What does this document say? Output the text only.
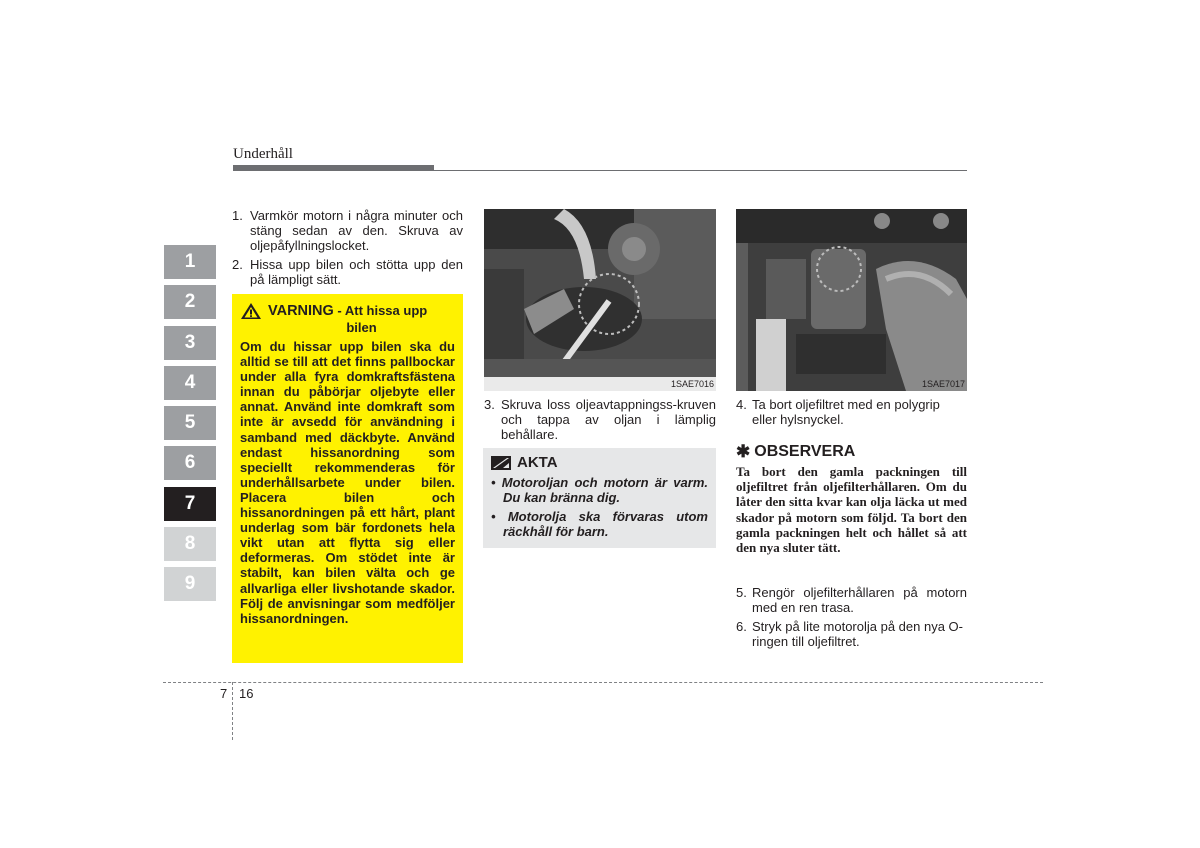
Underhåll
1
2
3
4
5
6
7
8
9
1. Varmkör motorn i några minuter och stäng sedan av den. Skruva av oljepåfyllningslocket.
2. Hissa upp bilen och stötta upp den på lämpligt sätt.
VARNING - Att hissa upp
bilen
Om du hissar upp bilen ska du alltid se till att det finns pallbockar under alla fyra domkraftsfästena innan du påbörjar oljebyte eller annat. Använd inte domkraft som inte är avsedd för användning i samband med däckbyte. Använd endast hissanordning som speciellt rekommenderas för underhållsarbete under bilen. Placera bilen och hissanordningen på ett hårt, plant underlag som bär fordonets hela vikt utan att flytta sig eller deformeras. Om stödet inte är stabilt, kan bilen välta och ge allvarliga eller livshotande skador. Följ de anvisningar som medföljer hissanordningen.
1SAE7016
3. Skruva loss oljeavtappningss-kruven och tappa av oljan i lämplig behållare.
AKTA
• Motoroljan och motorn är varm. Du kan bränna dig.
• Motorolja ska förvaras utom räckhåll för barn.
1SAE7017
4. Ta bort oljefiltret med en polygrip eller hylsnyckel.
✱ OBSERVERA
Ta bort den gamla packningen till oljefiltret från oljefilterhållaren. Om du låter den sitta kvar kan olja läcka ut med skador på motorn som följd. Ta bort den gamla packningen helt och hållet så att den nya sluter tätt.
5. Rengör oljefilterhållaren på motorn med en ren trasa.
6. Stryk på lite motorolja på den nya O-ringen till oljefiltret.
7 16
